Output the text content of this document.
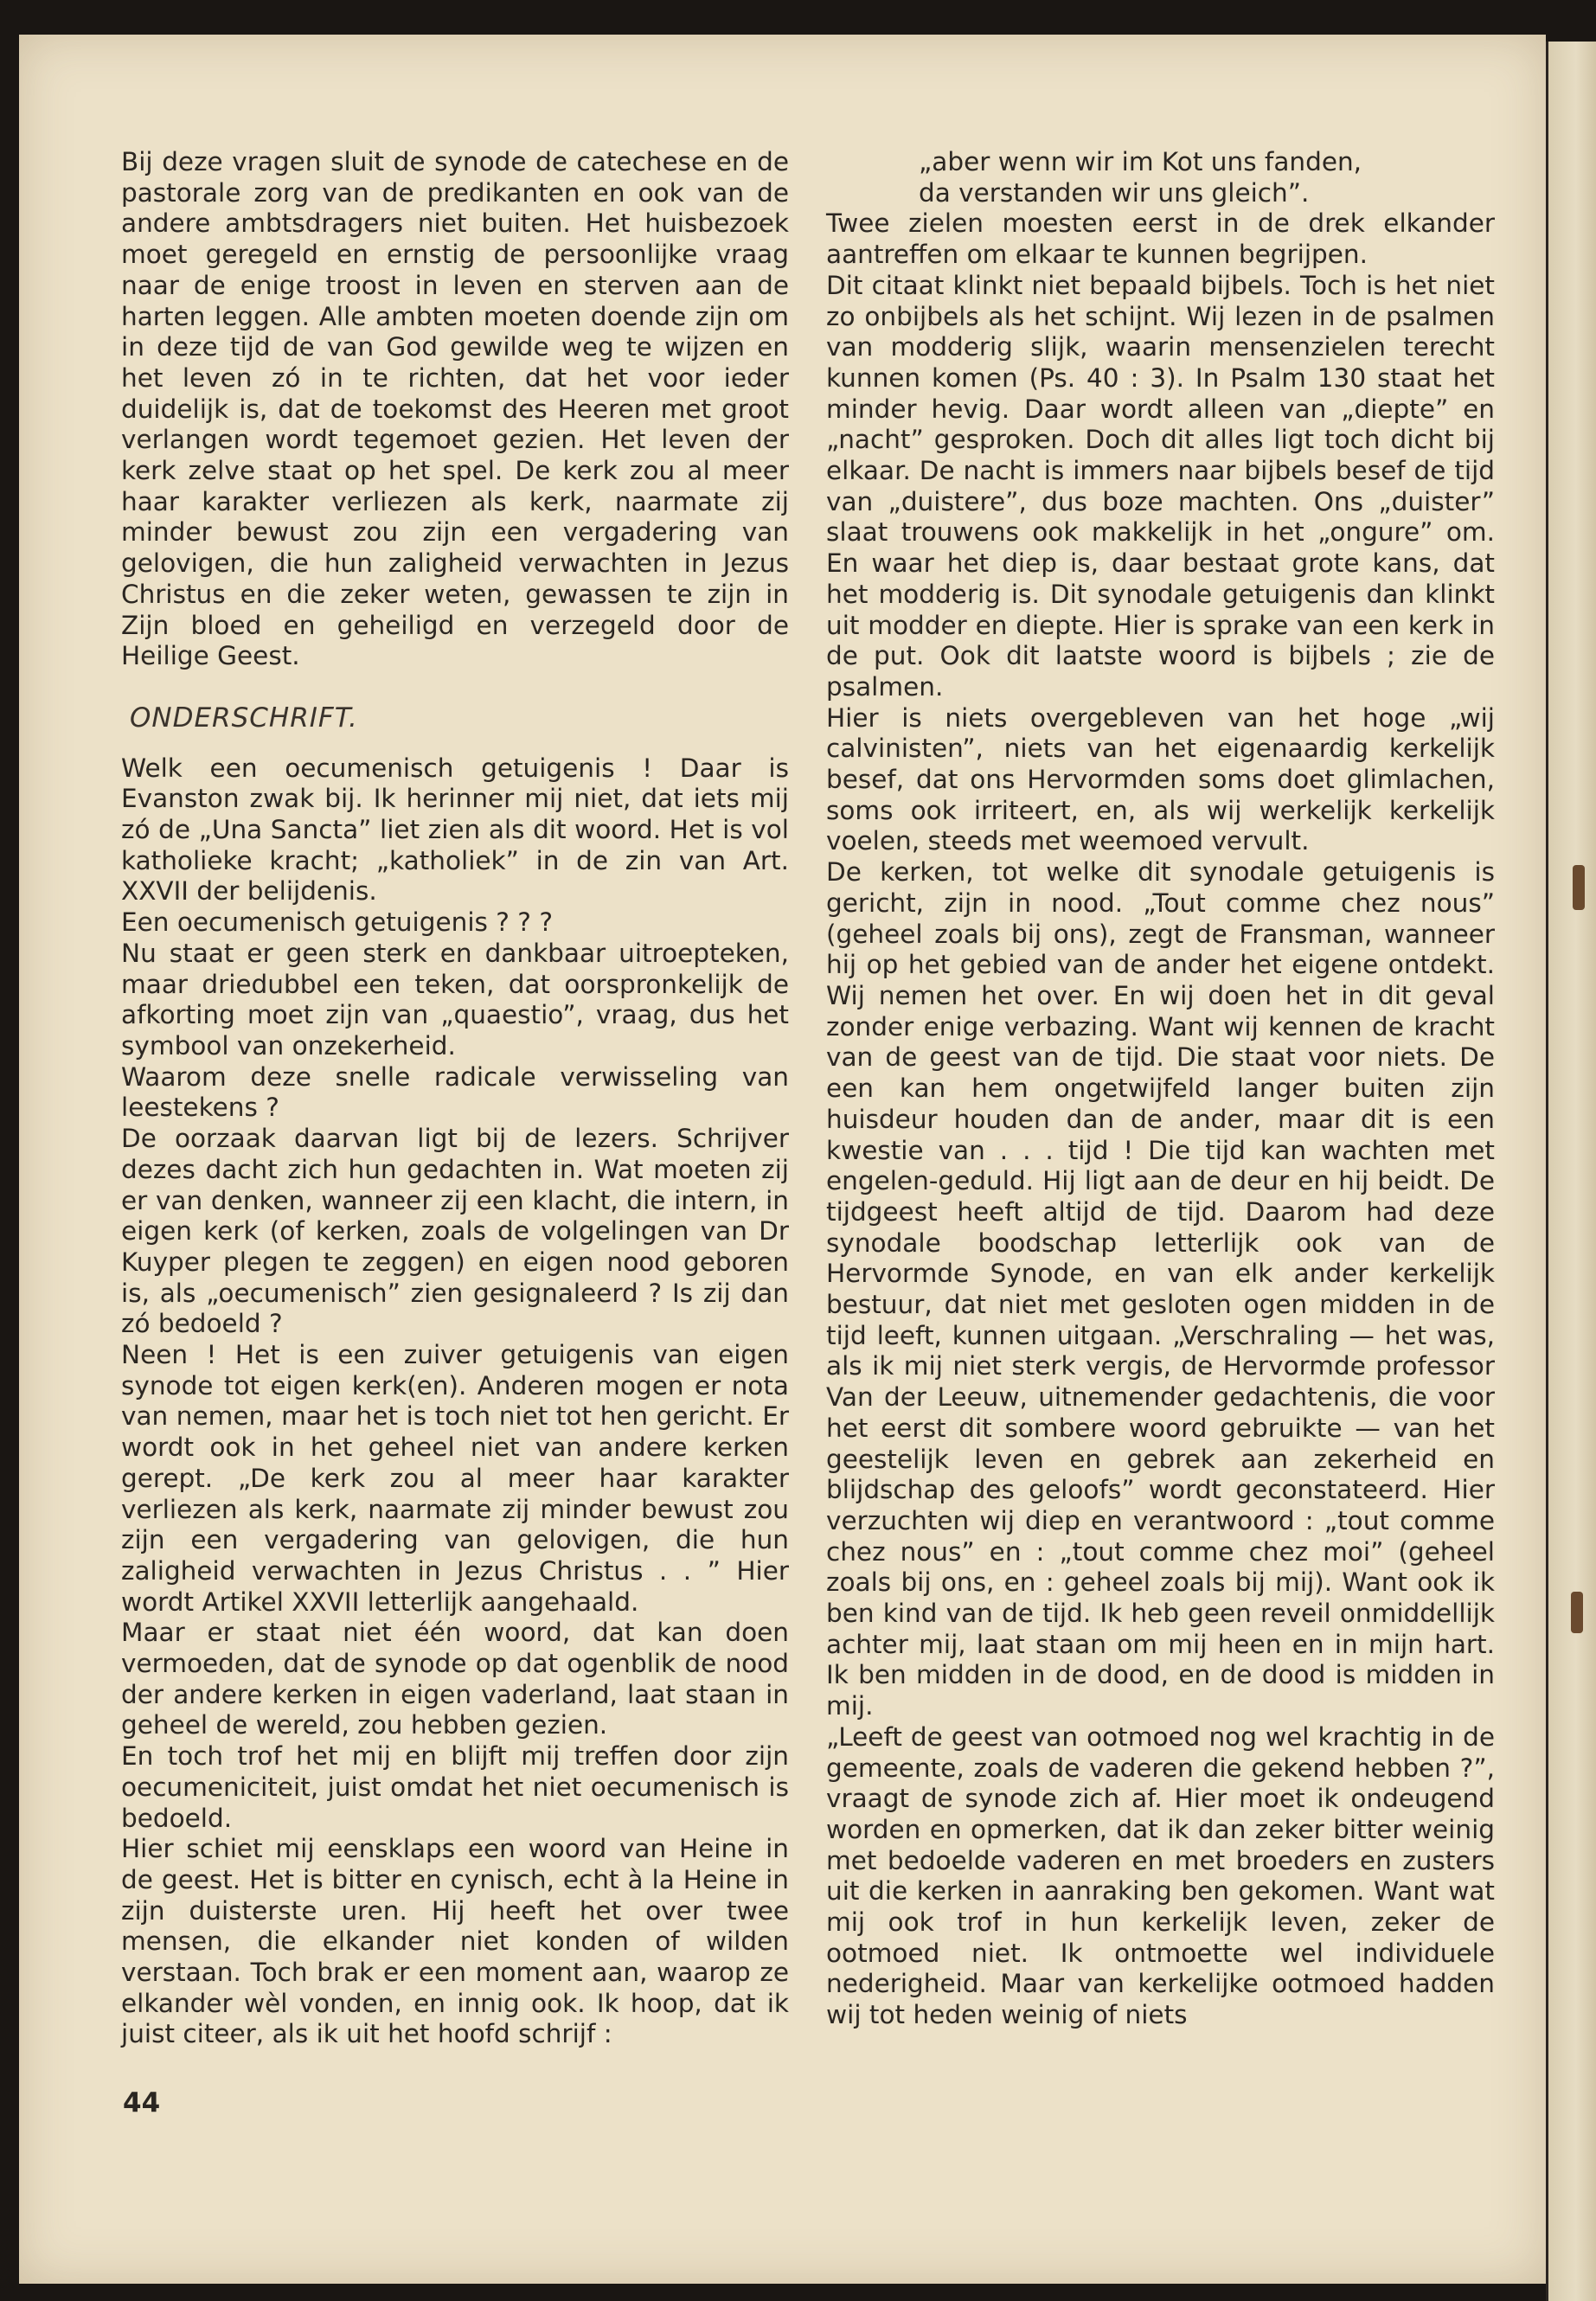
Bij deze vragen sluit de synode de catechese en de pastorale zorg van de predikanten en ook van de andere ambtsdragers niet buiten. Het huisbezoek moet geregeld en ernstig de persoonlijke vraag naar de enige troost in leven en sterven aan de harten leggen. Alle ambten moeten doende zijn om in deze tijd de van God gewilde weg te wijzen en het leven zó in te richten, dat het voor ieder duidelijk is, dat de toekomst des Heeren met groot verlangen wordt tegemoet gezien. Het leven der kerk zelve staat op het spel. De kerk zou al meer haar karakter verliezen als kerk, naarmate zij minder bewust zou zijn een vergadering van gelovigen, die hun zaligheid verwachten in Jezus Christus en die zeker weten, gewassen te zijn in Zijn bloed en geheiligd en verzegeld door de Heilige Geest.

ONDERSCHRIFT.

Welk een oecumenisch getuigenis ! Daar is Evanston zwak bij. Ik herinner mij niet, dat iets mij zó de „Una Sancta” liet zien als dit woord. Het is vol katholieke kracht; „katholiek” in de zin van Art. XXVII der belijdenis.

Een oecumenisch getuigenis ? ? ?

Nu staat er geen sterk en dankbaar uitroepteken, maar driedubbel een teken, dat oorspronkelijk de afkorting moet zijn van „quaestio”, vraag, dus het symbool van onzekerheid.

Waarom deze snelle radicale verwisseling van leestekens ?

De oorzaak daarvan ligt bij de lezers. Schrijver dezes dacht zich hun gedachten in. Wat moeten zij er van denken, wanneer zij een klacht, die intern, in eigen kerk (of kerken, zoals de volgelingen van Dr Kuyper plegen te zeggen) en eigen nood geboren is, als „oecumenisch” zien gesignaleerd ? Is zij dan zó bedoeld ?

Neen ! Het is een zuiver getuigenis van eigen synode tot eigen kerk(en). Anderen mogen er nota van nemen, maar het is toch niet tot hen gericht. Er wordt ook in het geheel niet van andere kerken gerept. „De kerk zou al meer haar karakter verliezen als kerk, naarmate zij minder bewust zou zijn een vergadering van gelovigen, die hun zaligheid verwachten in Jezus Christus . . ” Hier wordt Artikel XXVII letterlijk aangehaald.

Maar er staat niet één woord, dat kan doen vermoeden, dat de synode op dat ogenblik de nood der andere kerken in eigen vaderland, laat staan in geheel de wereld, zou hebben gezien.

En toch trof het mij en blijft mij treffen door zijn oecumeniciteit, juist omdat het niet oecumenisch is bedoeld.

Hier schiet mij eensklaps een woord van Heine in de geest. Het is bitter en cynisch, echt à la Heine in zijn duisterste uren. Hij heeft het over twee mensen, die elkander niet konden of wilden verstaan. Toch brak er een moment aan, waarop ze elkander wèl vonden, en innig ook. Ik hoop, dat ik juist citeer, als ik uit het hoofd schrijf :

„aber wenn wir im Kot uns fanden,
da verstanden wir uns gleich”.

Twee zielen moesten eerst in de drek elkander aantreffen om elkaar te kunnen begrijpen.

Dit citaat klinkt niet bepaald bijbels. Toch is het niet zo onbijbels als het schijnt. Wij lezen in de psalmen van modderig slijk, waarin mensenzielen terecht kunnen komen (Ps. 40 : 3). In Psalm 130 staat het minder hevig. Daar wordt alleen van „diepte” en „nacht” gesproken. Doch dit alles ligt toch dicht bij elkaar. De nacht is immers naar bijbels besef de tijd van „duistere”, dus boze machten. Ons „duister” slaat trouwens ook makkelijk in het „ongure” om. En waar het diep is, daar bestaat grote kans, dat het modderig is. Dit synodale getuigenis dan klinkt uit modder en diepte. Hier is sprake van een kerk in de put. Ook dit laatste woord is bijbels ; zie de psalmen.

Hier is niets overgebleven van het hoge „wij calvinisten”, niets van het eigenaardig kerkelijk besef, dat ons Hervormden soms doet glimlachen, soms ook irriteert, en, als wij werkelijk kerkelijk voelen, steeds met weemoed vervult.

De kerken, tot welke dit synodale getuigenis is gericht, zijn in nood. „Tout comme chez nous” (geheel zoals bij ons), zegt de Fransman, wanneer hij op het gebied van de ander het eigene ontdekt. Wij nemen het over. En wij doen het in dit geval zonder enige verbazing. Want wij kennen de kracht van de geest van de tijd. Die staat voor niets. De een kan hem ongetwijfeld langer buiten zijn huisdeur houden dan de ander, maar dit is een kwestie van . . . tijd ! Die tijd kan wachten met engelen-geduld. Hij ligt aan de deur en hij beidt. De tijdgeest heeft altijd de tijd. Daarom had deze synodale boodschap letterlijk ook van de Hervormde Synode, en van elk ander kerkelijk bestuur, dat niet met gesloten ogen midden in de tijd leeft, kunnen uitgaan. „Verschraling — het was, als ik mij niet sterk vergis, de Hervormde professor Van der Leeuw, uitnemender gedachtenis, die voor het eerst dit sombere woord gebruikte — van het geestelijk leven en gebrek aan zekerheid en blijdschap des geloofs” wordt geconstateerd. Hier verzuchten wij diep en verantwoord : „tout comme chez nous” en : „tout comme chez moi” (geheel zoals bij ons, en : geheel zoals bij mij). Want ook ik ben kind van de tijd. Ik heb geen reveil onmiddellijk achter mij, laat staan om mij heen en in mijn hart. Ik ben midden in de dood, en de dood is midden in mij.

„Leeft de geest van ootmoed nog wel krachtig in de gemeente, zoals de vaderen die gekend hebben ?”, vraagt de synode zich af. Hier moet ik ondeugend worden en opmerken, dat ik dan zeker bitter weinig met bedoelde vaderen en met broeders en zusters uit die kerken in aanraking ben gekomen. Want wat mij ook trof in hun kerkelijk leven, zeker de ootmoed niet. Ik ontmoette wel individuele nederigheid. Maar van kerkelijke ootmoed hadden wij tot heden weinig of niets

44
